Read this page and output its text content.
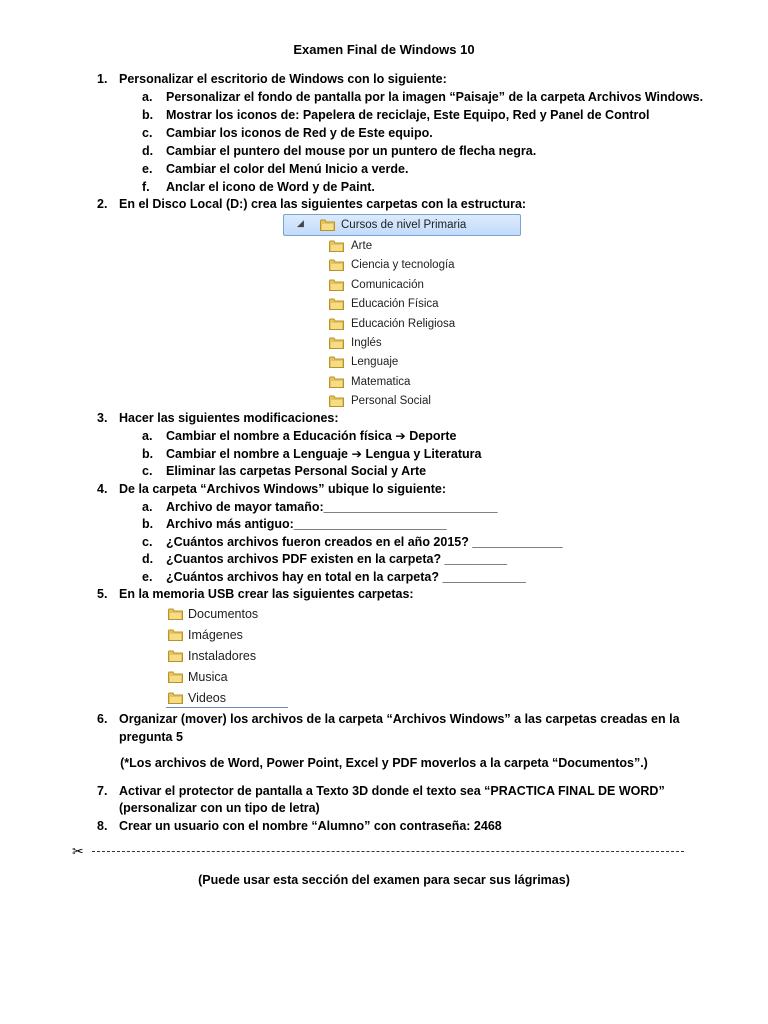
Examen Final de Windows 10
1. Personalizar el escritorio de Windows con lo siguiente:
a. Personalizar el fondo de pantalla por la imagen “Paisaje” de la carpeta Archivos Windows.
b. Mostrar los iconos de: Papelera de reciclaje, Este Equipo, Red y Panel de Control
c. Cambiar los iconos de Red y de Este equipo.
d. Cambiar el puntero del mouse por un puntero de flecha negra.
e. Cambiar el color del Menú Inicio a verde.
f. Anclar el icono de Word y de Paint.
2. En el Disco Local (D:) crea las siguientes carpetas con la estructura:
◢	Cursos de nivel Primaria
Arte
Ciencia y tecnología
Comunicación
Educación Física
Educación Religiosa
Inglés
Lenguaje
Matematica
Personal Social
3. Hacer las siguientes modificaciones:
a. Cambiar el nombre a Educación física ➔ Deporte
b. Cambiar el nombre a Lenguaje ➔ Lengua y Literatura
c. Eliminar las carpetas Personal Social y Arte
4. De la carpeta “Archivos Windows” ubique lo siguiente:
a. Archivo de mayor tamaño:_________________________
b. Archivo más antiguo:______________________
c. ¿Cuántos archivos fueron creados en el año 2015? _____________
d. ¿Cuantos archivos PDF existen en la carpeta? _________
e. ¿Cuántos archivos hay en total en la carpeta? ____________
5. En la memoria USB crear las siguientes carpetas:
Documentos
Imágenes
Instaladores
Musica
Videos
6. Organizar (mover) los archivos de la carpeta “Archivos Windows” a las carpetas creadas en la
pregunta 5
(*Los archivos de Word, Power Point, Excel y PDF moverlos a la carpeta “Documentos”.)
7. Activar el protector de pantalla a Texto 3D donde el texto sea “PRACTICA FINAL DE WORD”
(personalizar con un tipo de letra)
8. Crear un usuario con el nombre “Alumno” con contraseña: 2468
✂
(Puede usar esta sección del examen para secar sus lágrimas)
